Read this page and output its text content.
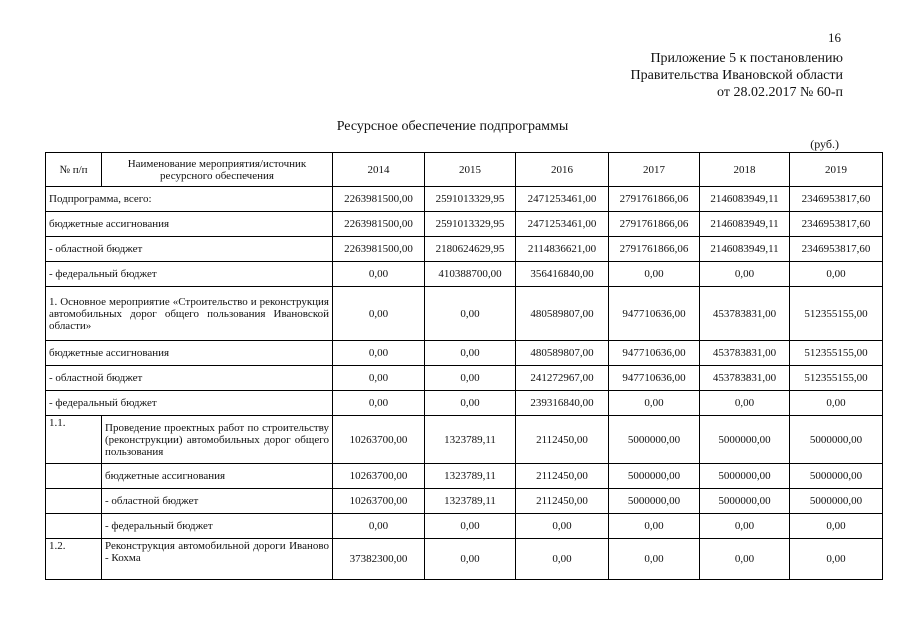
16
Приложение 5 к постановлению
Правительства Ивановской области
от 28.02.2017 № 60-п
Ресурсное обеспечение подпрограммы
(руб.)
№ п/п	Наименование мероприятия/источник ресурсного обеспечения	2014	2015	2016	2017	2018	2019
Подпрограмма, всего:		2263981500,00	2591013329,95	2471253461,00	2791761866,06	2146083949,11	2346953817,60
бюджетные ассигнования		2263981500,00	2591013329,95	2471253461,00	2791761866,06	2146083949,11	2346953817,60
- областной бюджет		2263981500,00	2180624629,95	2114836621,00	2791761866,06	2146083949,11	2346953817,60
- федеральный бюджет		0,00	410388700,00	356416840,00	0,00	0,00	0,00
1. Основное мероприятие «Строительство и реконструкция автомобильных дорог общего пользования Ивановской области»		0,00	0,00	480589807,00	947710636,00	453783831,00	512355155,00
бюджетные ассигнования		0,00	0,00	480589807,00	947710636,00	453783831,00	512355155,00
- областной бюджет		0,00	0,00	241272967,00	947710636,00	453783831,00	512355155,00
- федеральный бюджет		0,00	0,00	239316840,00	0,00	0,00	0,00
1.1.	Проведение проектных работ по строительству (реконструкции) автомобильных дорог общего пользования	10263700,00	1323789,11	2112450,00	5000000,00	5000000,00	5000000,00
	бюджетные ассигнования	10263700,00	1323789,11	2112450,00	5000000,00	5000000,00	5000000,00
	- областной бюджет	10263700,00	1323789,11	2112450,00	5000000,00	5000000,00	5000000,00
	- федеральный бюджет	0,00	0,00	0,00	0,00	0,00	0,00
1.2.	Реконструкция автомобильной дороги Иваново - Кохма	37382300,00	0,00	0,00	0,00	0,00	0,00
